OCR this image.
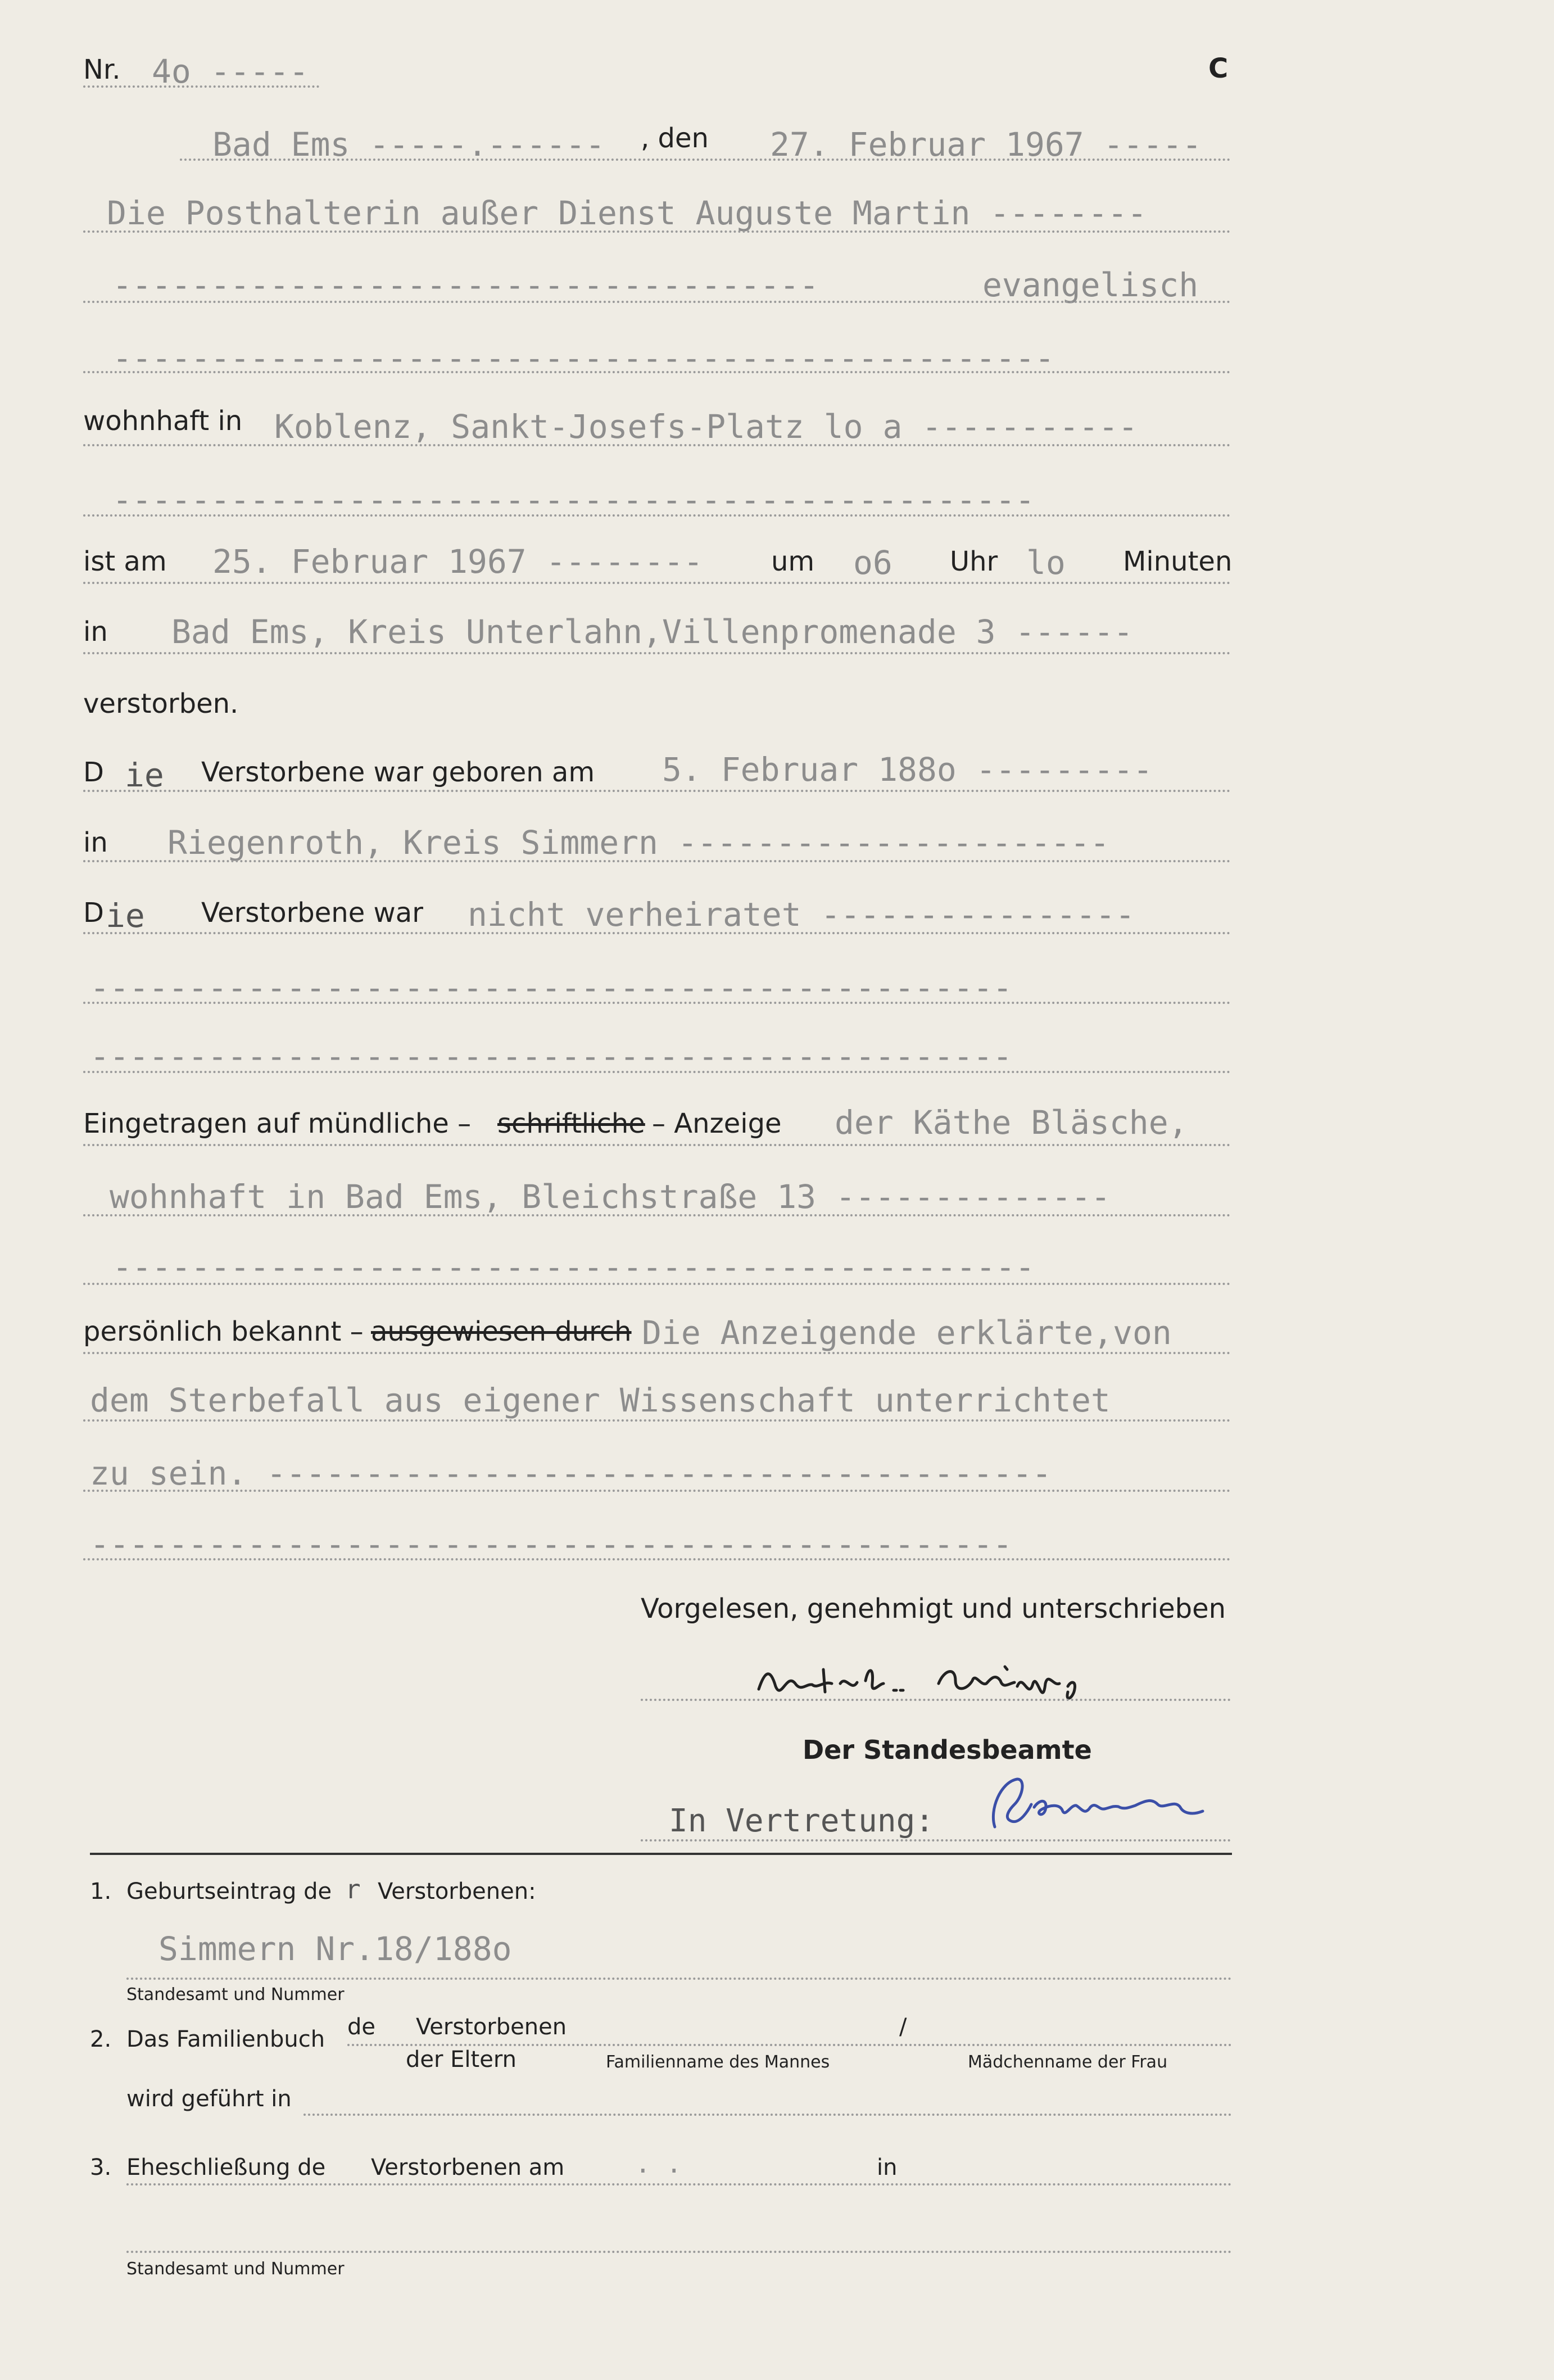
Nr. 4o -----	C
Bad Ems -----.------ , den 27. Februar 1967 -----
Die Posthalterin außer Dienst Auguste Martin --------
------------------------------------	evangelisch
------------------------------------------------
wohnhaft in Koblenz, Sankt-Josefs-Platz lo a -----------
-----------------------------------------------
ist am 25. Februar 1967 --------	um o6 Uhr lo Minuten
in Bad Ems, Kreis Unterlahn,Villenpromenade 3 ------
verstorben.
D ie Verstorbene war geboren am 5. Februar 188o ---------
in Riegenroth, Kreis Simmern ----------------------
D ie Verstorbene war nicht verheiratet ----------------
-----------------------------------------------
-----------------------------------------------
Eingetragen auf mündliche – schriftliche – Anzeige der Käthe Bläsche,
wohnhaft in Bad Ems, Bleichstraße 13 --------------
-----------------------------------------------
persönlich bekannt – ausgewiesen durch Die Anzeigende erklärte,von
dem Sterbefall aus eigener Wissenschaft unterrichtet
zu sein. ----------------------------------------
-----------------------------------------------
Vorgelesen, genehmigt und unterschrieben
Der Standesbeamte
In Vertretung:
1. Geburtseintrag de r Verstorbenen:
Simmern Nr.18/188o
Standesamt und Nummer
2. Das Familienbuch de Verstorbenen	/
der Eltern	Familienname des Mannes	Mädchenname der Frau
wird geführt in
3. Eheschließung de Verstorbenen am	. .	in
Standesamt und Nummer
